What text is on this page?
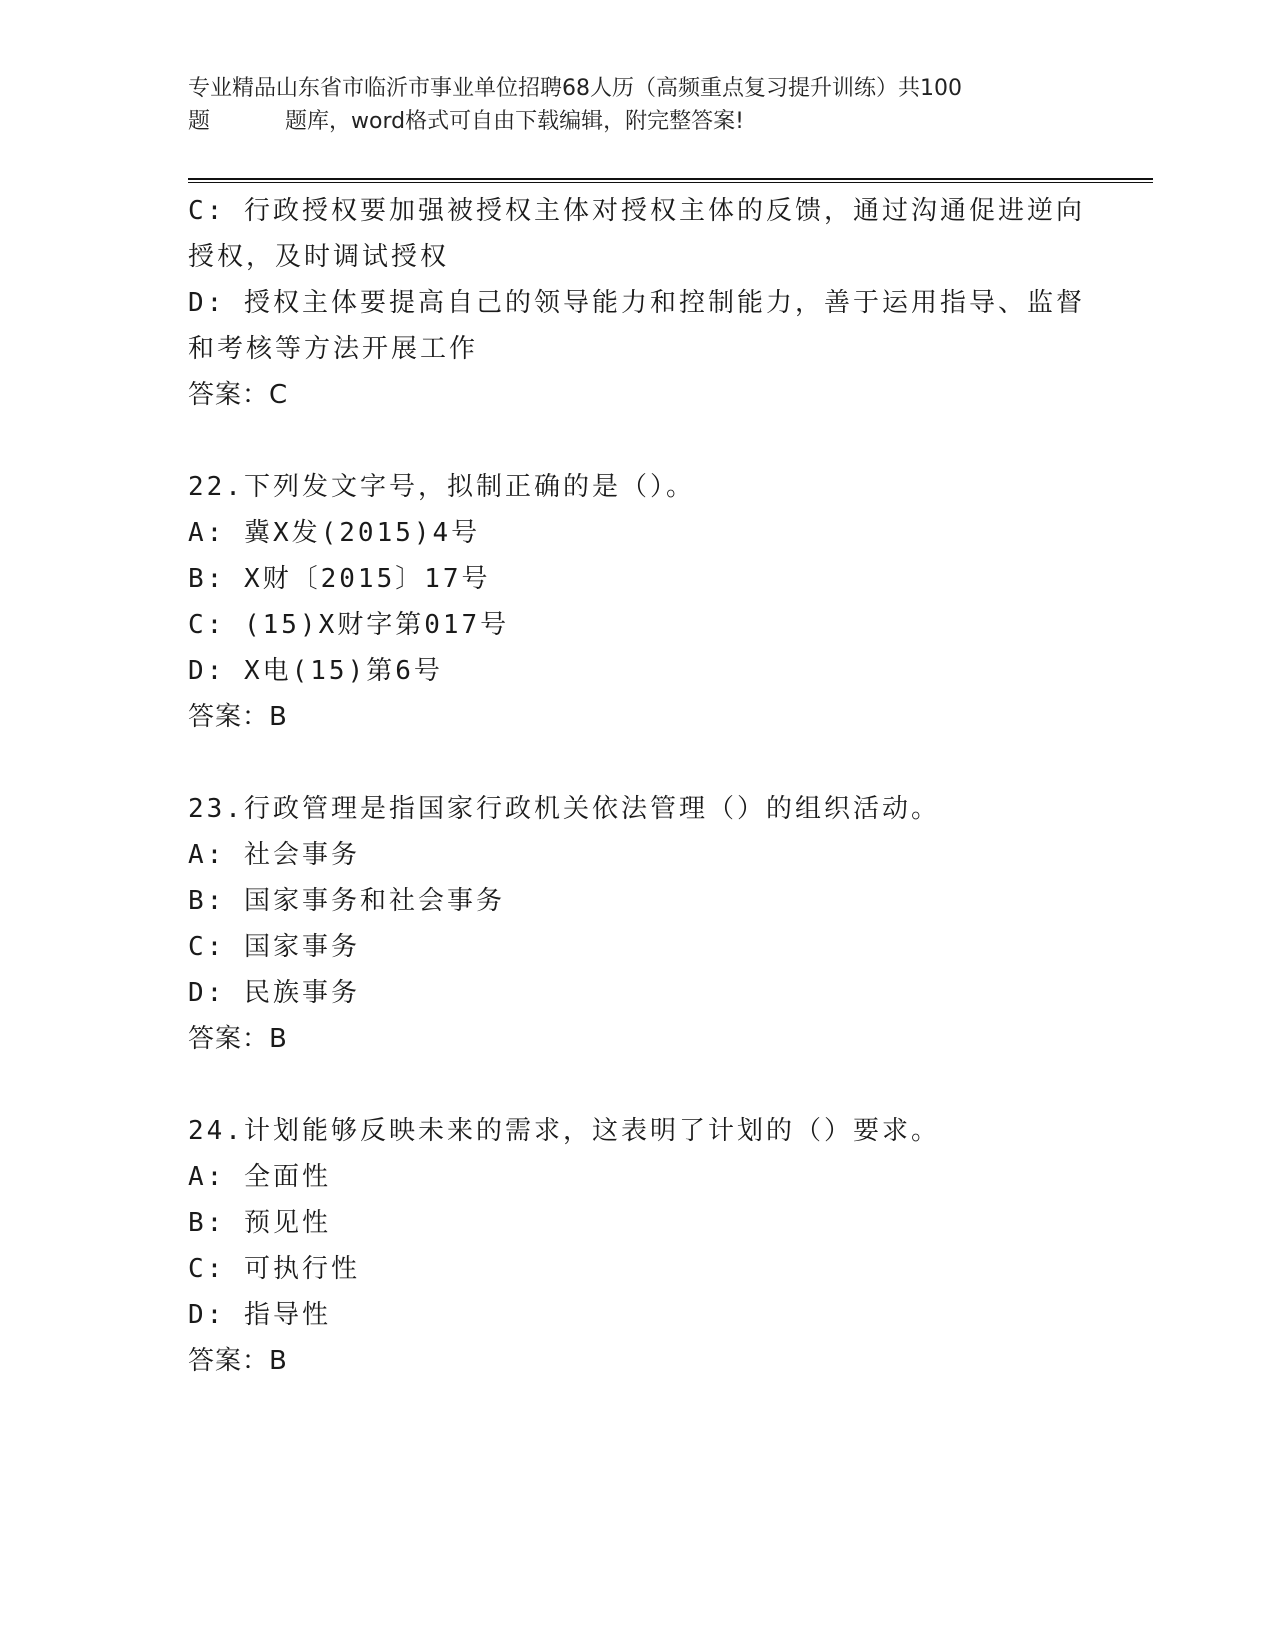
专业精品山东省市临沂市事业单位招聘68人历（高频重点复习提升训练）共100
题	题库，word格式可自由下载编辑，附完整答案!
C: 行政授权要加强被授权主体对授权主体的反馈，通过沟通促进逆向
授权，及时调试授权
D: 授权主体要提高自己的领导能力和控制能力，善于运用指导、监督
和考核等方法开展工作
答案：C
22.下列发文字号，拟制正确的是（）。
A: 冀X发(2015)4号
B: X财〔2015〕17号
C: (15)X财字第017号
D: X电(15)第6号
答案：B
23.行政管理是指国家行政机关依法管理（）的组织活动。
A: 社会事务
B: 国家事务和社会事务
C: 国家事务
D: 民族事务
答案：B
24.计划能够反映未来的需求，这表明了计划的（）要求。
A: 全面性
B: 预见性
C: 可执行性
D: 指导性
答案：B
